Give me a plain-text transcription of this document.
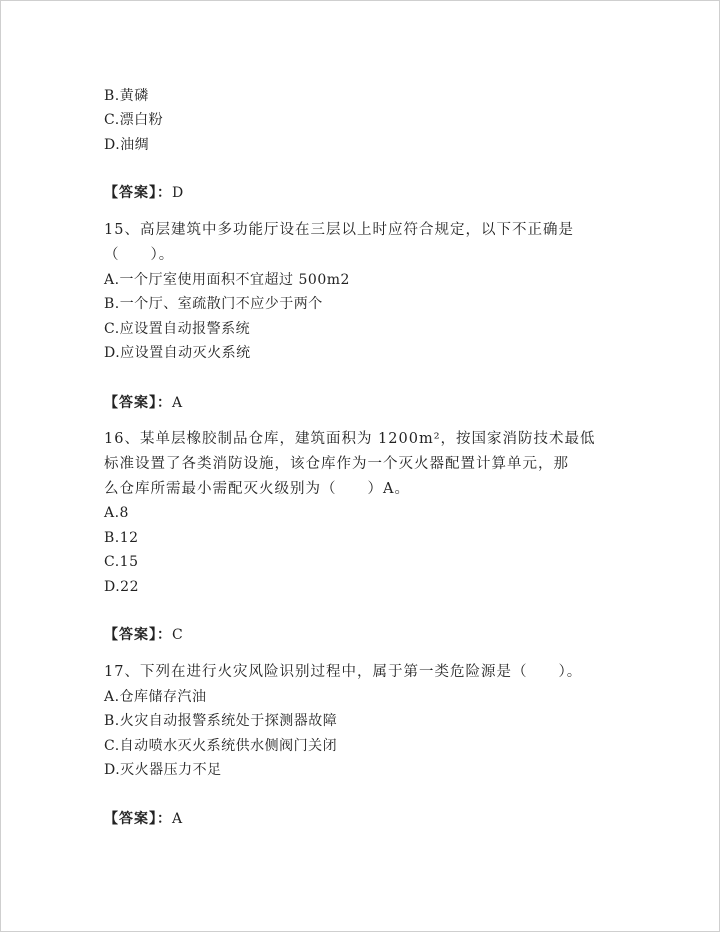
B.黄磷
C.漂白粉
D.油绸
【答案】：D
15、高层建筑中多功能厅设在三层以上时应符合规定，以下不正确是
（　　）。
A.一个厅室使用面积不宜超过 500m2
B.一个厅、室疏散门不应少于两个
C.应设置自动报警系统
D.应设置自动灭火系统
【答案】：A
16、某单层橡胶制品仓库，建筑面积为 1200m²，按国家消防技术最低
标准设置了各类消防设施，该仓库作为一个灭火器配置计算单元，那
么仓库所需最小需配灭火级别为（　　）A。
A.8
B.12
C.15
D.22
【答案】：C
17、下列在进行火灾风险识别过程中，属于第一类危险源是（　　）。
A.仓库储存汽油
B.火灾自动报警系统处于探测器故障
C.自动喷水灭火系统供水侧阀门关闭
D.灭火器压力不足
【答案】：A
